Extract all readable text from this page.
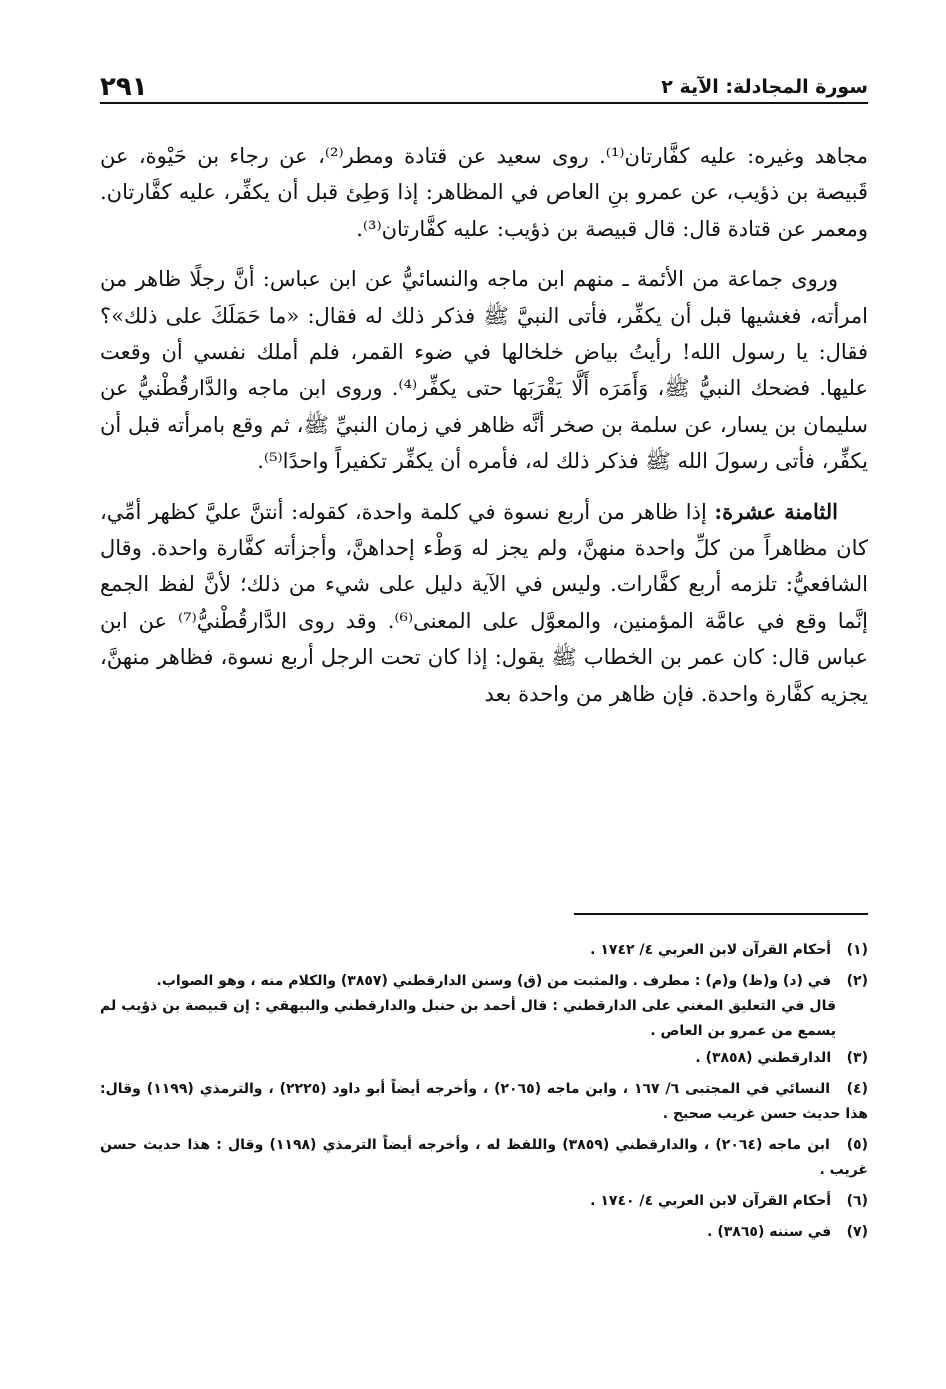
سورة المجادلة: الآية ٢
٢٩١

مجاهد وغيره: عليه كفَّارتان⁽¹⁾. روى سعيد عن قتادة ومطر⁽²⁾، عن رجاء بن حَيْوة، عن قَبيصة بن ذؤيب، عن عمرو بنِ العاص في المظاهر: إذا وَطِئ قبل أن يكفِّر، عليه كفَّارتان. ومعمر عن قتادة قال: قال قبيصة بن ذؤيب: عليه كفَّارتان⁽³⁾.

وروى جماعة من الأئمة ـ منهم ابن ماجه والنسائيُّ عن ابن عباس: أنَّ رجلًا ظاهر من امرأته، فغشيها قبل أن يكفِّر، فأتى النبيَّ ﷺ فذكر ذلك له فقال: «ما حَمَلَكَ على ذلك»؟ فقال: يا رسول الله! رأيتُ بياض خلخالها في ضوء القمر، فلم أملك نفسي أن وقعت عليها. فضحك النبيُّ ﷺ، وَأَمَرَه أَلَّا يَقْرَبَها حتى يكفِّر⁽⁴⁾. وروى ابن ماجه والدَّارقُطْنيُّ عن سليمان بن يسار، عن سلمة بن صخر أنَّه ظاهر في زمان النبيِّ ﷺ، ثم وقع بامرأته قبل أن يكفِّر، فأتى رسولَ الله ﷺ فذكر ذلك له، فأمره أن يكفِّر تكفيراً واحدًا⁽⁵⁾.

الثامنة عشرة: إذا ظاهر من أربع نسوة في كلمة واحدة، كقوله: أنتنَّ عليَّ كظهر أمِّي، كان مظاهراً من كلِّ واحدة منهنَّ، ولم يجز له وَطْء إحداهنَّ، وأجزأته كفَّارة واحدة. وقال الشافعيُّ: تلزمه أربع كفَّارات. وليس في الآية دليل على شيء من ذلك؛ لأنَّ لفظ الجمع إنَّما وقع في عامَّة المؤمنين، والمعوَّل على المعنى⁽⁶⁾. وقد روى الدَّارقُطْنيُّ⁽⁷⁾ عن ابن عباس قال: كان عمر بن الخطاب ﷺ يقول: إذا كان تحت الرجل أربع نسوة، فظاهر منهنَّ، يجزيه كفَّارة واحدة. فإن ظاهر من واحدة بعد

(١) أحكام القرآن لابن العربي ٤/ ١٧٤٢ .

(٢) في (د) و(ظ) و(م) : مطرف . والمثبت من (ق) وسنن الدارقطني (٣٨٥٧) والكلام منه ، وهو الصواب.

قال في التعليق المغني على الدارقطني : قال أحمد بن حنبل والدارقطني والبيهقي : إن قبيصة بن ذؤيب لم يسمع من عمرو بن العاص .

(٣) الدارقطني (٣٨٥٨) .

(٤) النسائي في المجتبى ٦/ ١٦٧ ، وابن ماجه (٢٠٦٥) ، وأخرجه أيضاً أبو داود (٢٢٢٥) ، والترمذي (١١٩٩) وقال: هذا حديث حسن غريب صحيح .

(٥) ابن ماجه (٢٠٦٤) ، والدارقطني (٣٨٥٩) واللفظ له ، وأخرجه أيضاً الترمذي (١١٩٨) وقال : هذا حديث حسن غريب .

(٦) أحكام القرآن لابن العربي ٤/ ١٧٤٠ .

(٧) في سننه (٣٨٦٥) .
